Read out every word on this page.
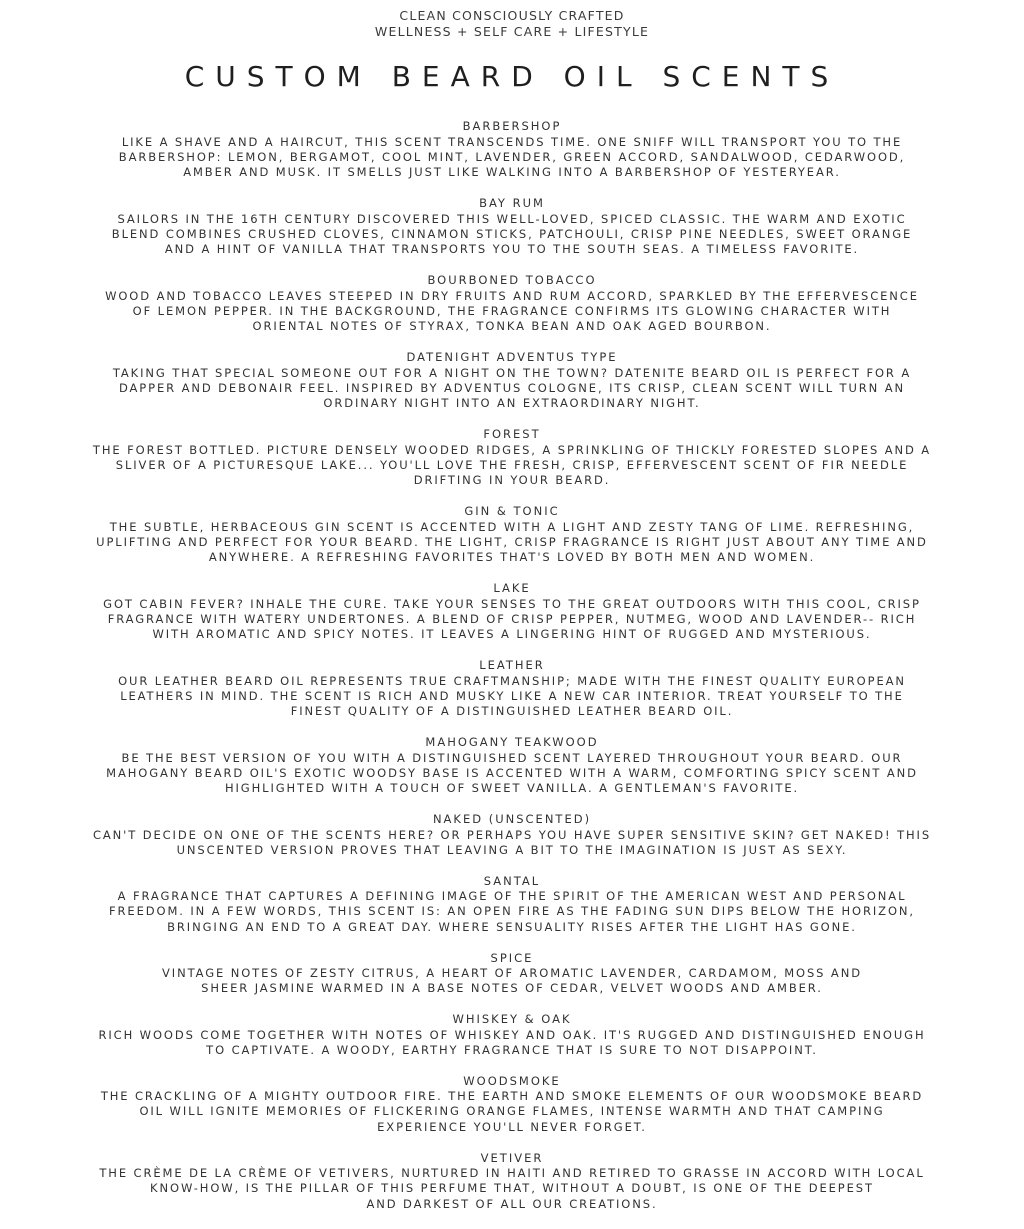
CLEAN CONSCIOUSLY CRAFTED
WELLNESS + SELF CARE + LIFESTYLE
CUSTOM BEARD OIL SCENTS
BARBERSHOP
LIKE A SHAVE AND A HAIRCUT, THIS SCENT TRANSCENDS TIME. ONE SNIFF WILL TRANSPORT YOU TO THE
BARBERSHOP: LEMON, BERGAMOT, COOL MINT, LAVENDER, GREEN ACCORD, SANDALWOOD, CEDARWOOD,
AMBER AND MUSK. IT SMELLS JUST LIKE WALKING INTO A BARBERSHOP OF YESTERYEAR.
BAY RUM
SAILORS IN THE 16TH CENTURY DISCOVERED THIS WELL-LOVED, SPICED CLASSIC. THE WARM AND EXOTIC
BLEND COMBINES CRUSHED CLOVES, CINNAMON STICKS, PATCHOULI, CRISP PINE NEEDLES, SWEET ORANGE
AND A HINT OF VANILLA THAT TRANSPORTS YOU TO THE SOUTH SEAS. A TIMELESS FAVORITE.
BOURBONED TOBACCO
WOOD AND TOBACCO LEAVES STEEPED IN DRY FRUITS AND RUM ACCORD, SPARKLED BY THE EFFERVESCENCE
OF LEMON PEPPER. IN THE BACKGROUND, THE FRAGRANCE CONFIRMS ITS GLOWING CHARACTER WITH
ORIENTAL NOTES OF STYRAX, TONKA BEAN AND OAK AGED BOURBON.
DATENIGHT ADVENTUS TYPE
TAKING THAT SPECIAL SOMEONE OUT FOR A NIGHT ON THE TOWN? DATENITE BEARD OIL IS PERFECT FOR A
DAPPER AND DEBONAIR FEEL. INSPIRED BY ADVENTUS COLOGNE, ITS CRISP, CLEAN SCENT WILL TURN AN
ORDINARY NIGHT INTO AN EXTRAORDINARY NIGHT.
FOREST
THE FOREST BOTTLED. PICTURE DENSELY WOODED RIDGES, A SPRINKLING OF THICKLY FORESTED SLOPES AND A
SLIVER OF A PICTURESQUE LAKE... YOU'LL LOVE THE FRESH, CRISP, EFFERVESCENT SCENT OF FIR NEEDLE
DRIFTING IN YOUR BEARD.
GIN & TONIC
THE SUBTLE, HERBACEOUS GIN SCENT IS ACCENTED WITH A LIGHT AND ZESTY TANG OF LIME. REFRESHING,
UPLIFTING AND PERFECT FOR YOUR BEARD. THE LIGHT, CRISP FRAGRANCE IS RIGHT JUST ABOUT ANY TIME AND
ANYWHERE. A REFRESHING FAVORITES THAT'S LOVED BY BOTH MEN AND WOMEN.
LAKE
GOT CABIN FEVER? INHALE THE CURE. TAKE YOUR SENSES TO THE GREAT OUTDOORS WITH THIS COOL, CRISP
FRAGRANCE WITH WATERY UNDERTONES. A BLEND OF CRISP PEPPER, NUTMEG, WOOD AND LAVENDER-- RICH
WITH AROMATIC AND SPICY NOTES. IT LEAVES A LINGERING HINT OF RUGGED AND MYSTERIOUS.
LEATHER
OUR LEATHER BEARD OIL REPRESENTS TRUE CRAFTMANSHIP; MADE WITH THE FINEST QUALITY EUROPEAN
LEATHERS IN MIND. THE SCENT IS RICH AND MUSKY LIKE A NEW CAR INTERIOR. TREAT YOURSELF TO THE
FINEST QUALITY OF A DISTINGUISHED LEATHER BEARD OIL.
MAHOGANY TEAKWOOD
BE THE BEST VERSION OF YOU WITH A DISTINGUISHED SCENT LAYERED THROUGHOUT YOUR BEARD. OUR
MAHOGANY BEARD OIL'S EXOTIC WOODSY BASE IS ACCENTED WITH A WARM, COMFORTING SPICY SCENT AND
HIGHLIGHTED WITH A TOUCH OF SWEET VANILLA. A GENTLEMAN'S FAVORITE.
NAKED (UNSCENTED)
CAN'T DECIDE ON ONE OF THE SCENTS HERE? OR PERHAPS YOU HAVE SUPER SENSITIVE SKIN? GET NAKED! THIS
UNSCENTED VERSION PROVES THAT LEAVING A BIT TO THE IMAGINATION IS JUST AS SEXY.
SANTAL
A FRAGRANCE THAT CAPTURES A DEFINING IMAGE OF THE SPIRIT OF THE AMERICAN WEST AND PERSONAL
FREEDOM. IN A FEW WORDS, THIS SCENT IS: AN OPEN FIRE AS THE FADING SUN DIPS BELOW THE HORIZON,
BRINGING AN END TO A GREAT DAY. WHERE SENSUALITY RISES AFTER THE LIGHT HAS GONE.
SPICE
VINTAGE NOTES OF ZESTY CITRUS, A HEART OF AROMATIC LAVENDER, CARDAMOM, MOSS AND
SHEER JASMINE WARMED IN A BASE NOTES OF CEDAR, VELVET WOODS AND AMBER.
WHISKEY & OAK
RICH WOODS COME TOGETHER WITH NOTES OF WHISKEY AND OAK. IT'S RUGGED AND DISTINGUISHED ENOUGH
TO CAPTIVATE. A WOODY, EARTHY FRAGRANCE THAT IS SURE TO NOT DISAPPOINT.
WOODSMOKE
THE CRACKLING OF A MIGHTY OUTDOOR FIRE. THE EARTH AND SMOKE ELEMENTS OF OUR WOODSMOKE BEARD
OIL WILL IGNITE MEMORIES OF FLICKERING ORANGE FLAMES, INTENSE WARMTH AND THAT CAMPING
EXPERIENCE YOU'LL NEVER FORGET.
VETIVER
THE CRÈME DE LA CRÈME OF VETIVERS, NURTURED IN HAITI AND RETIRED TO GRASSE IN ACCORD WITH LOCAL
KNOW-HOW, IS THE PILLAR OF THIS PERFUME THAT, WITHOUT A DOUBT, IS ONE OF THE DEEPEST
AND DARKEST OF ALL OUR CREATIONS.
